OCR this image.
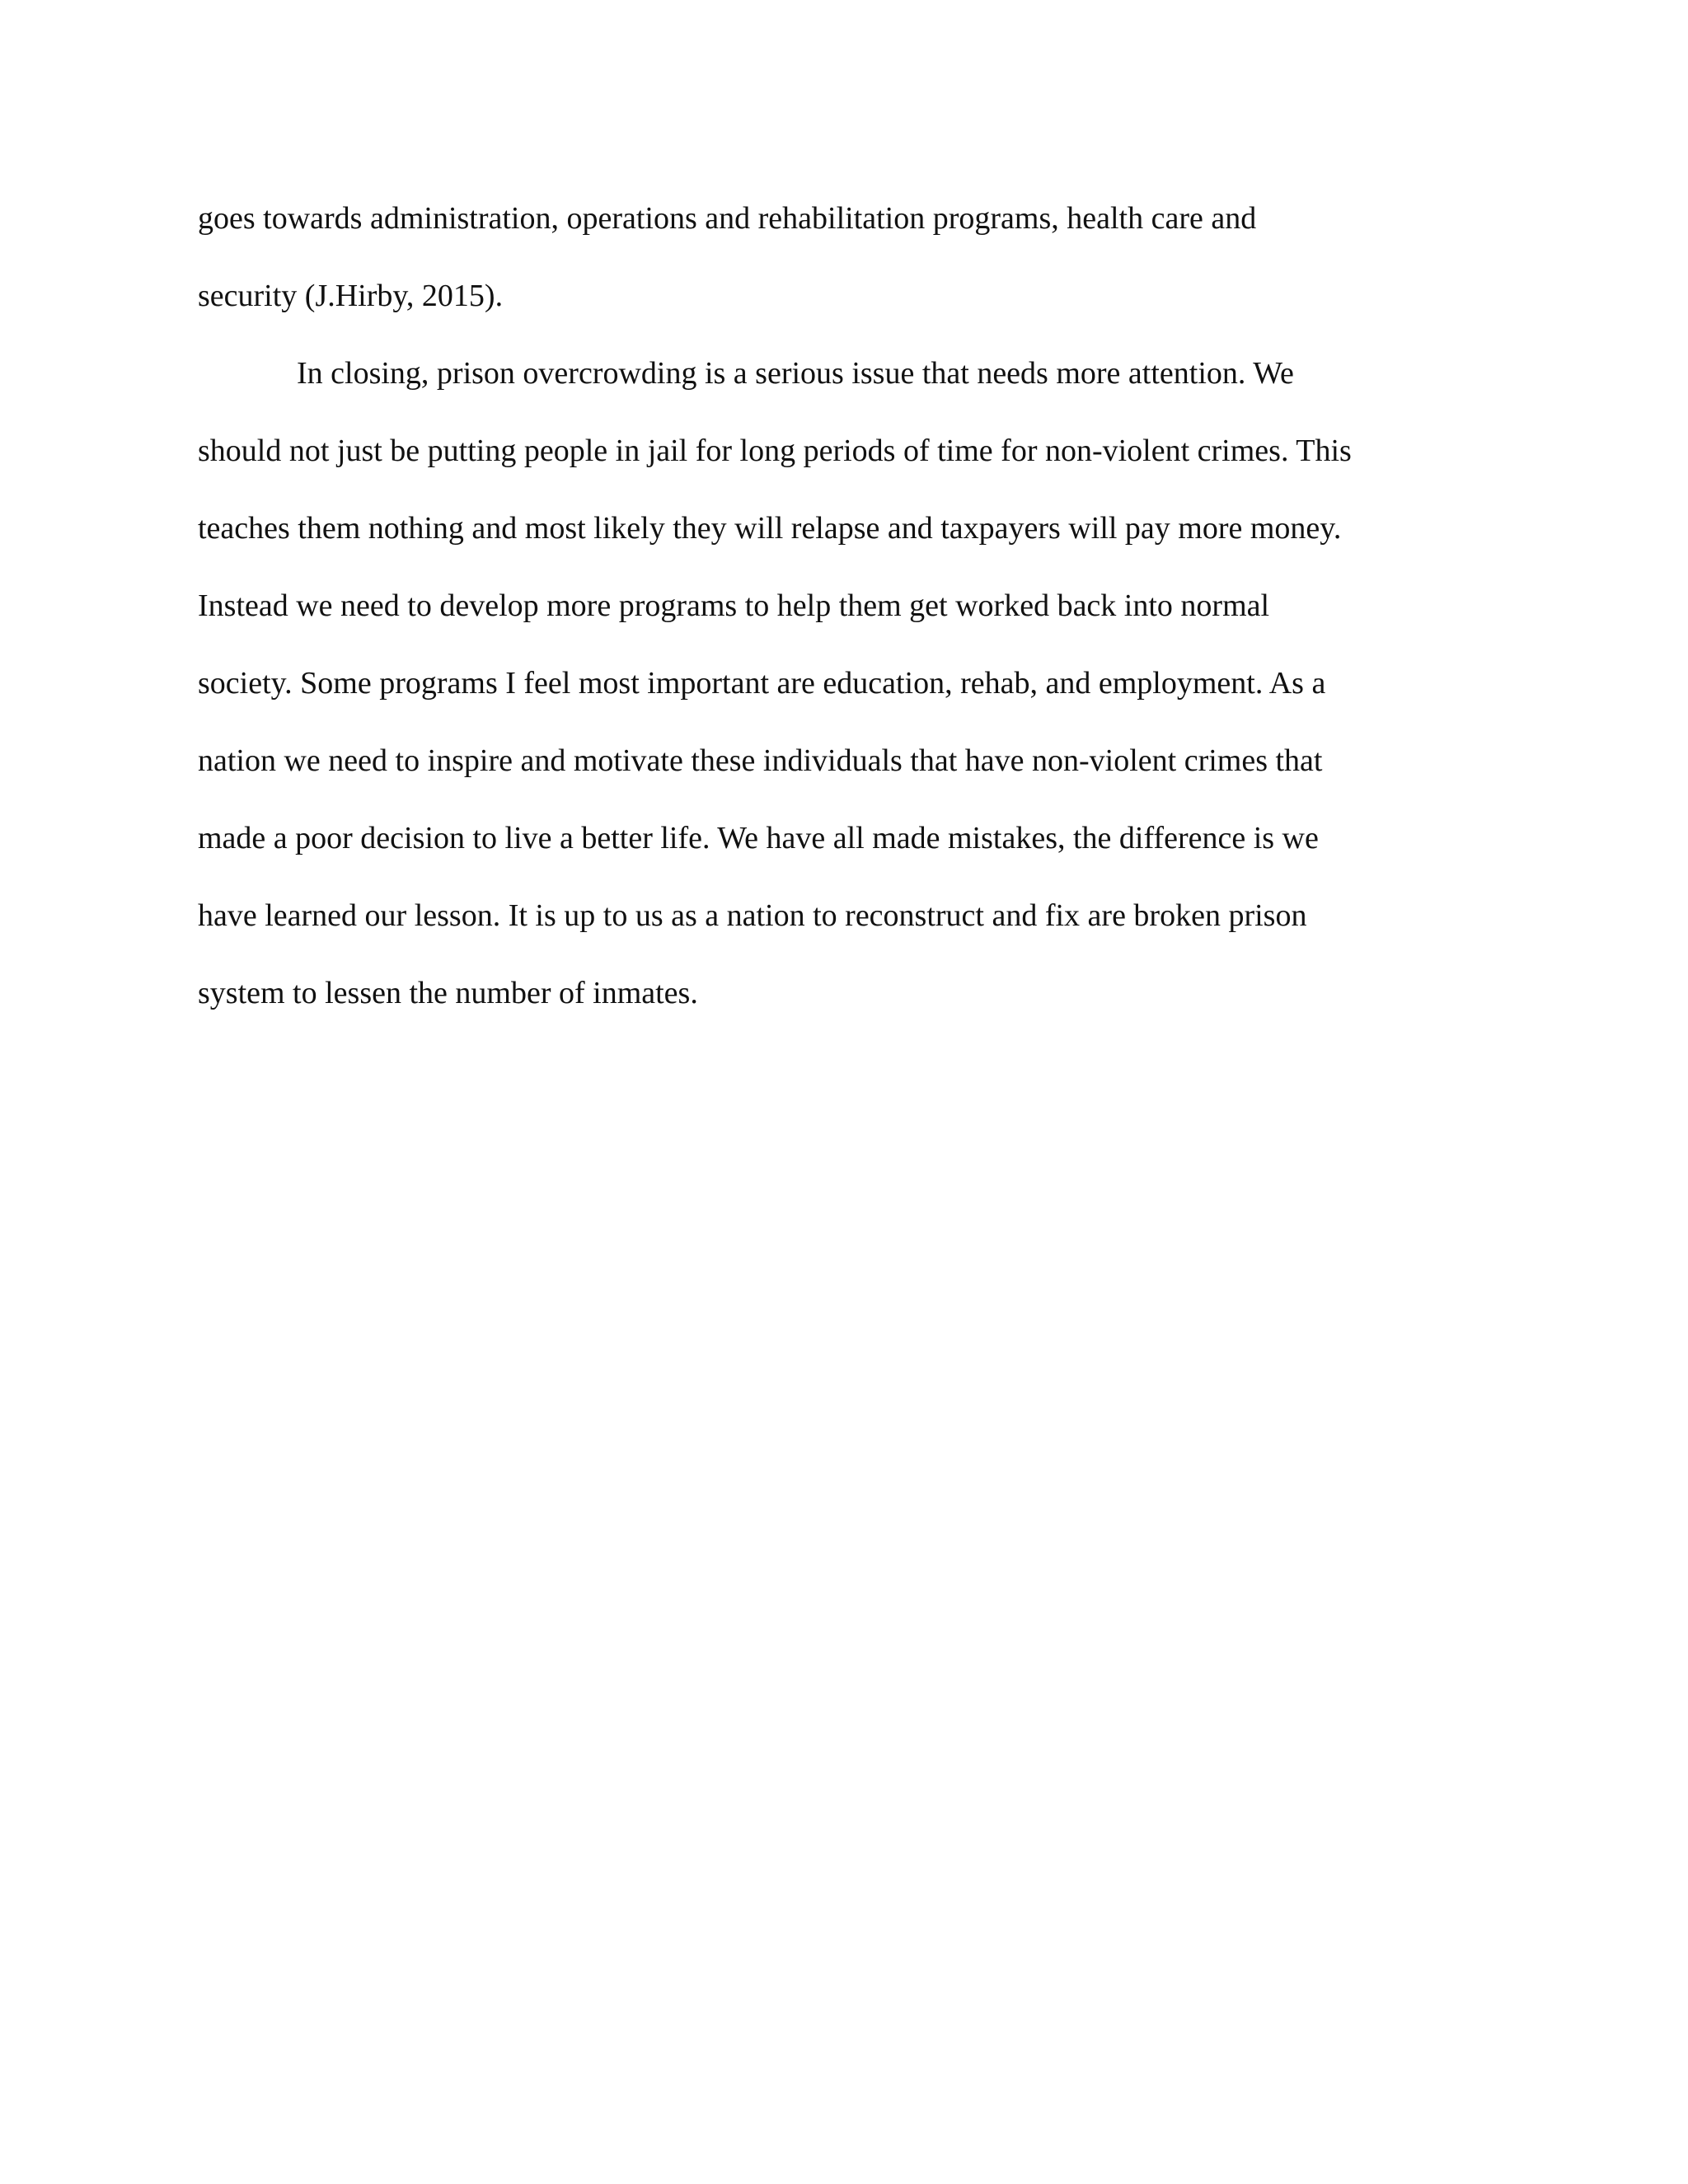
goes towards administration, operations and rehabilitation programs, health care and
security (J.Hirby, 2015).
In closing, prison overcrowding is a serious issue that needs more attention. We
should not just be putting people in jail for long periods of time for non-violent crimes. This
teaches them nothing and most likely they will relapse and taxpayers will pay more money.
Instead we need to develop more programs to help them get worked back into normal
society. Some programs I feel most important are education, rehab, and employment. As a
nation we need to inspire and motivate these individuals that have non-violent crimes that
made a poor decision to live a better life. We have all made mistakes, the difference is we
have learned our lesson. It is up to us as a nation to reconstruct and fix are broken prison
system to lessen the number of inmates.
